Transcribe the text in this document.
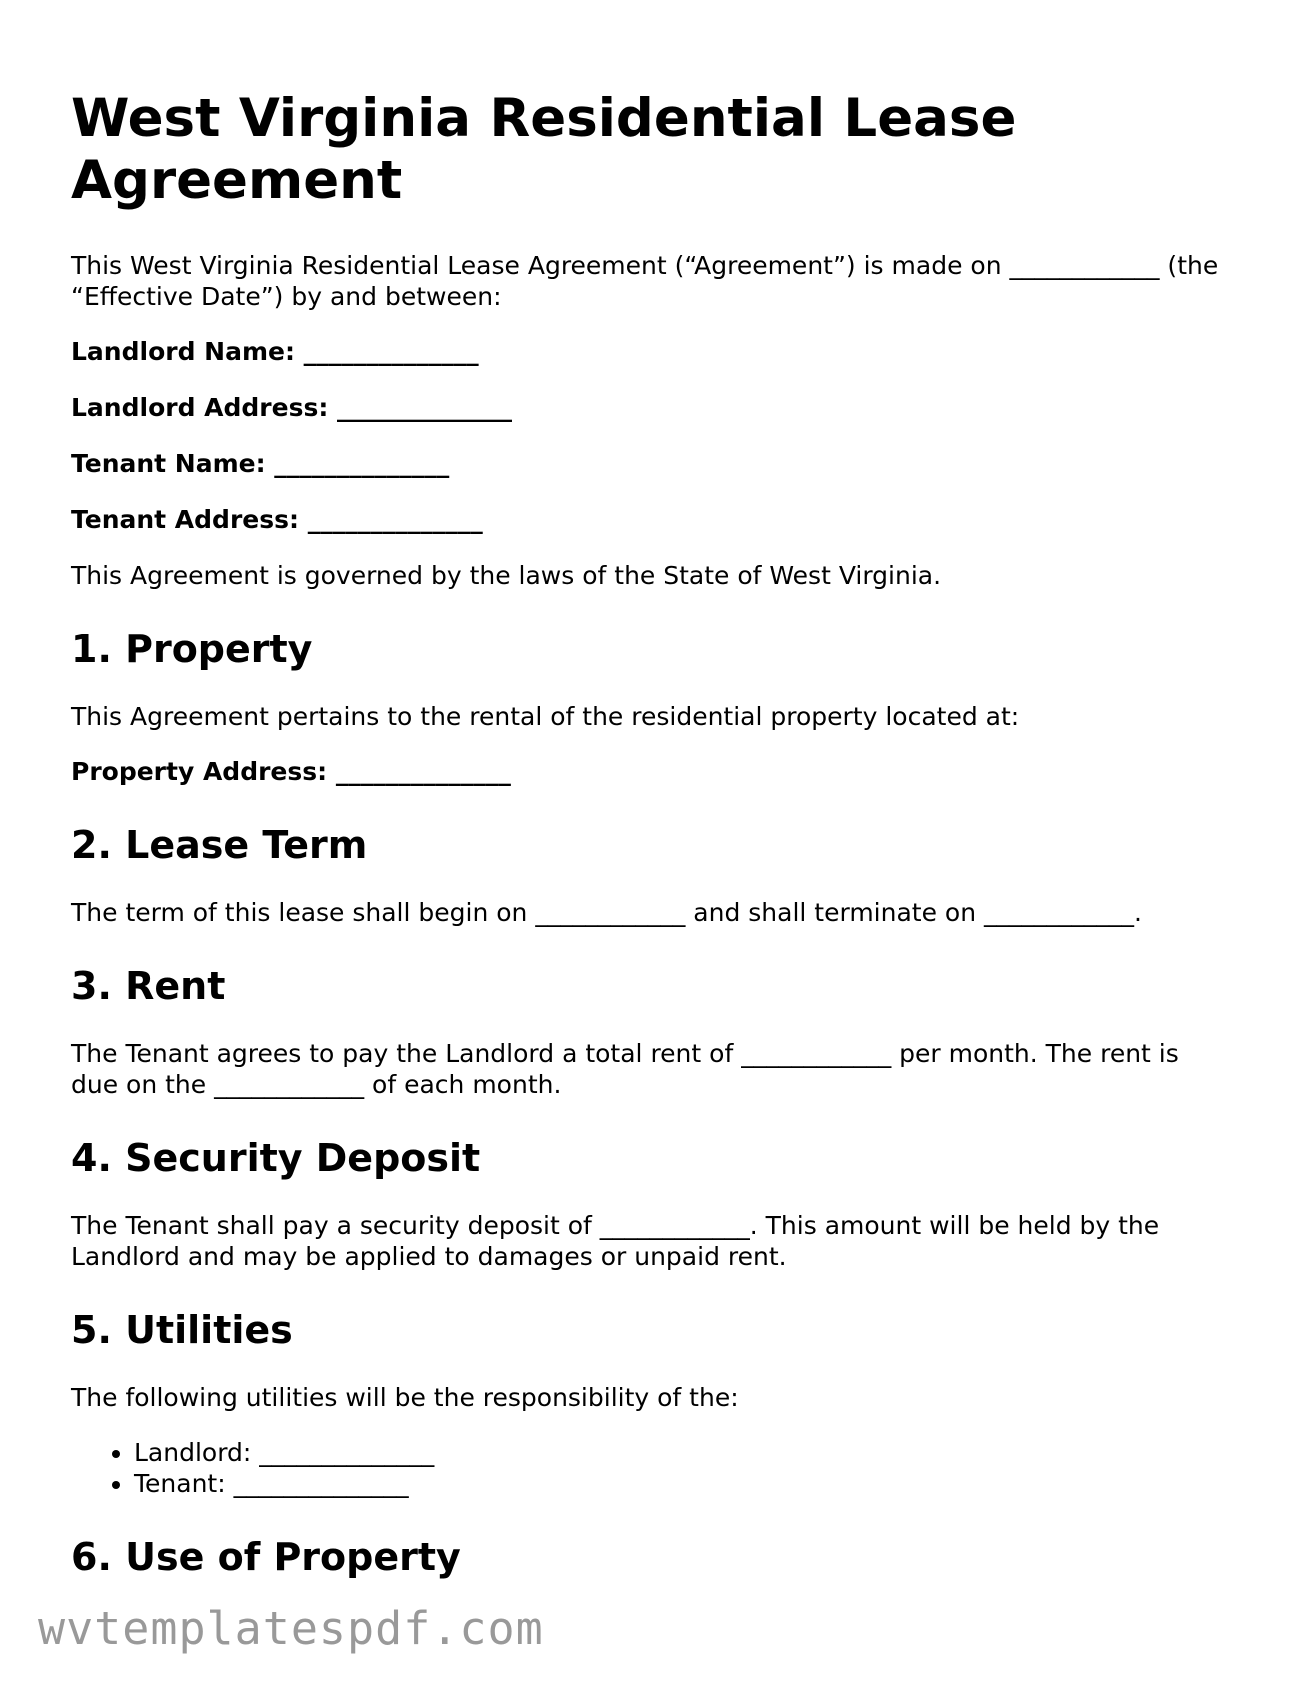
West Virginia Residential Lease Agreement

This West Virginia Residential Lease Agreement (“Agreement”) is made on ____________ (the “Effective Date”) by and between:

Landlord Name: ______________

Landlord Address: ______________

Tenant Name: ______________

Tenant Address: ______________

This Agreement is governed by the laws of the State of West Virginia.

1. Property

This Agreement pertains to the rental of the residential property located at:

Property Address: ______________

2. Lease Term

The term of this lease shall begin on ____________ and shall terminate on ____________.

3. Rent

The Tenant agrees to pay the Landlord a total rent of ____________ per month. The rent is due on the ____________ of each month.

4. Security Deposit

The Tenant shall pay a security deposit of ____________. This amount will be held by the Landlord and may be applied to damages or unpaid rent.

5. Utilities

The following utilities will be the responsibility of the:

• Landlord: ______________
• Tenant: ______________
6. Use of Property
wvtemplatespdf.com
